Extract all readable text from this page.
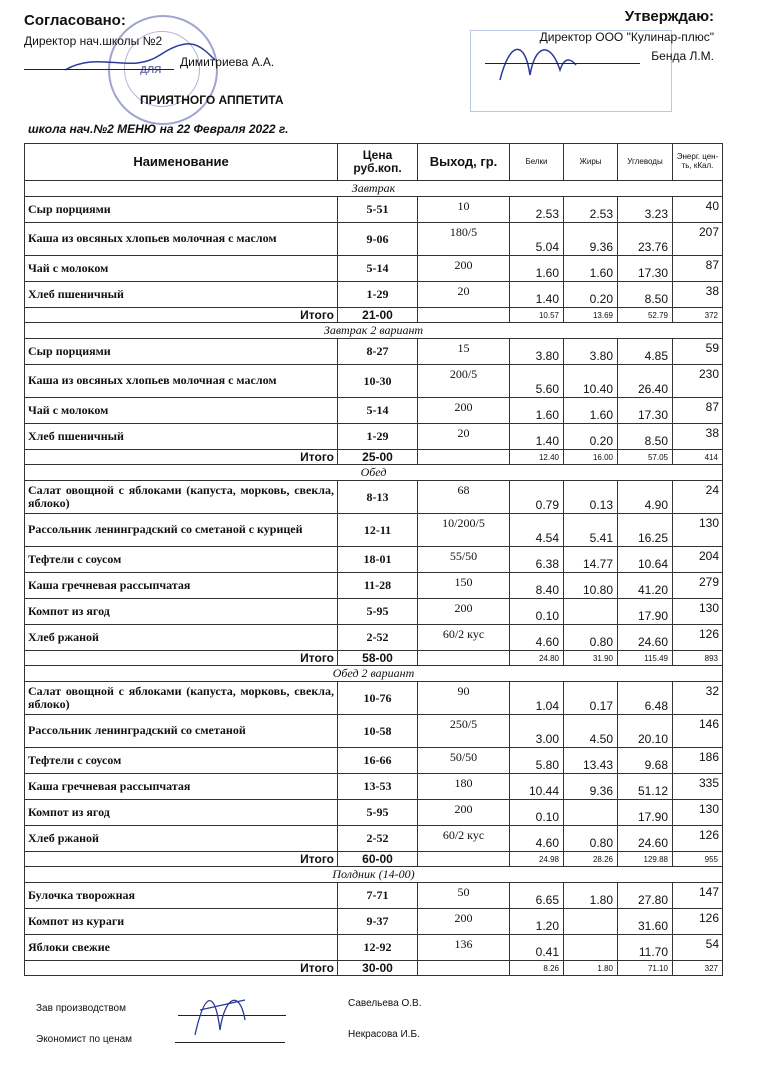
ДЛЯ
Согласовано:
Директор нач.школы №2
Димитриева А.А.
Утверждаю:
Директор ООО "Кулинар-плюс"
Бенда Л.М.
ПРИЯТНОГО АППЕТИТА
школа нач.№2 МЕНЮ на 22 Февраля 2022 г.
Наименование	Цена руб.коп.	Выход, гр.	Белки	Жиры	Углеводы	Энерг. цен-ть, кКал.
Завтрак						
Сыр порциями	5-51	10	2.53	2.53	3.23	40
Каша из овсяных хлопьев молочная с маслом	9-06	180/5	5.04	9.36	23.76	207
Чай с молоком	5-14	200	1.60	1.60	17.30	87
Хлеб пшеничный	1-29	20	1.40	0.20	8.50	38
Итого	21-00		10.57	13.69	52.79	372
Завтрак 2 вариант						
Сыр порциями	8-27	15	3.80	3.80	4.85	59
Каша из овсяных хлопьев молочная с маслом	10-30	200/5	5.60	10.40	26.40	230
Чай с молоком	5-14	200	1.60	1.60	17.30	87
Хлеб пшеничный	1-29	20	1.40	0.20	8.50	38
Итого	25-00		12.40	16.00	57.05	414
Обед						
Салат овощной с яблоками (капуста, морковь, свекла, яблоко)	8-13	68	0.79	0.13	4.90	24
Рассольник ленинградский со сметаной с курицей	12-11	10/200/5	4.54	5.41	16.25	130
Тефтели с соусом	18-01	55/50	6.38	14.77	10.64	204
Каша гречневая рассыпчатая	11-28	150	8.40	10.80	41.20	279
Компот из ягод	5-95	200	0.10		17.90	130
Хлеб ржаной	2-52	60/2 кус	4.60	0.80	24.60	126
Итого	58-00		24.80	31.90	115.49	893
Обед 2 вариант						
Салат овощной с яблоками (капуста, морковь, свекла, яблоко)	10-76	90	1.04	0.17	6.48	32
Рассольник ленинградский со сметаной	10-58	250/5	3.00	4.50	20.10	146
Тефтели с соусом	16-66	50/50	5.80	13.43	9.68	186
Каша гречневая рассыпчатая	13-53	180	10.44	9.36	51.12	335
Компот из ягод	5-95	200	0.10		17.90	130
Хлеб ржаной	2-52	60/2 кус	4.60	0.80	24.60	126
Итого	60-00		24.98	28.26	129.88	955
Полдник (14-00)						
Булочка творожная	7-71	50	6.65	1.80	27.80	147
Компот из кураги	9-37	200	1.20		31.60	126
Яблоки свежие	12-92	136	0.41		11.70	54
Итого	30-00		8.26	1.80	71.10	327
Зав производством	Савельева О.В.
Экономист по ценам	Некрасова И.Б.
